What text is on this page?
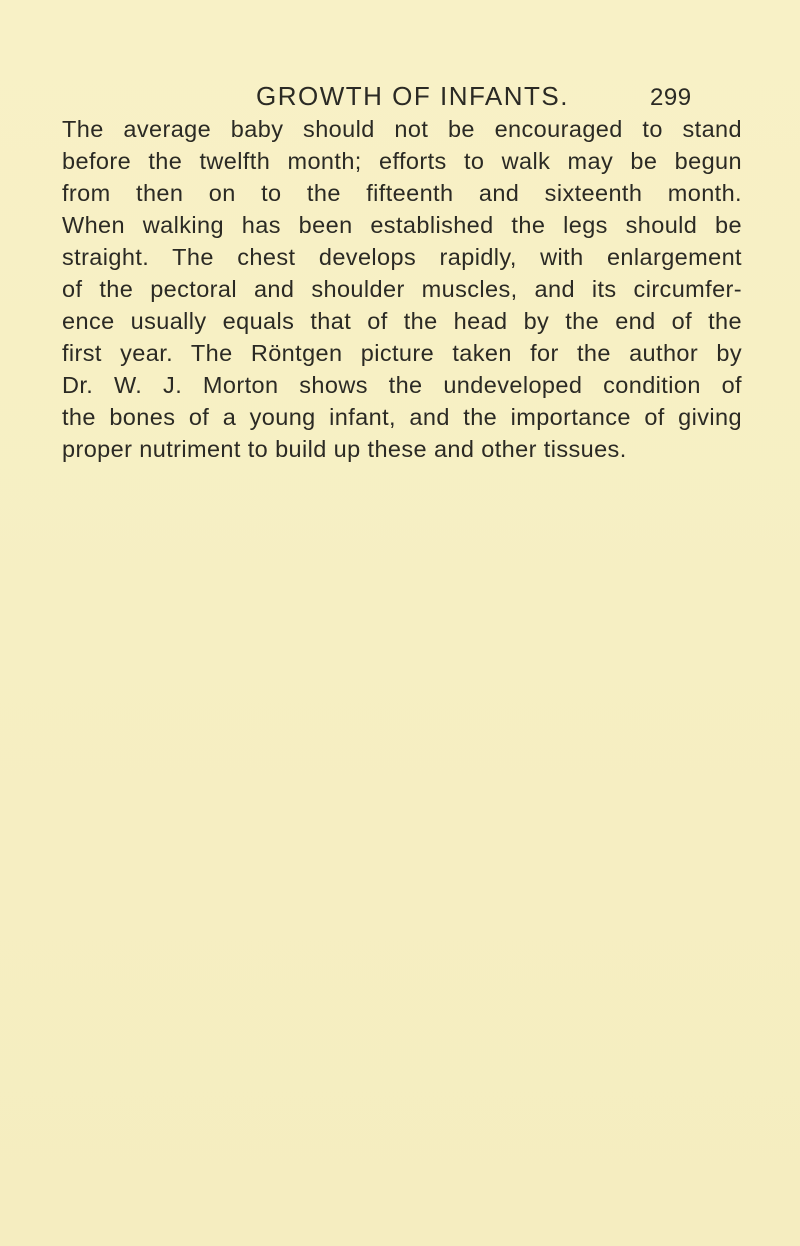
GROWTH OF INFANTS.	299
The average baby should not be encouraged to stand
before the twelfth month; efforts to walk may be begun
from then on to the fifteenth and sixteenth month.
When walking has been established the legs should be
straight. The chest develops rapidly, with enlargement
of the pectoral and shoulder muscles, and its circumfer-
ence usually equals that of the head by the end of the
first year. The Röntgen picture taken for the author by
Dr. W. J. Morton shows the undeveloped condition of
the bones of a young infant, and the importance of giving
proper nutriment to build up these and other tissues.
